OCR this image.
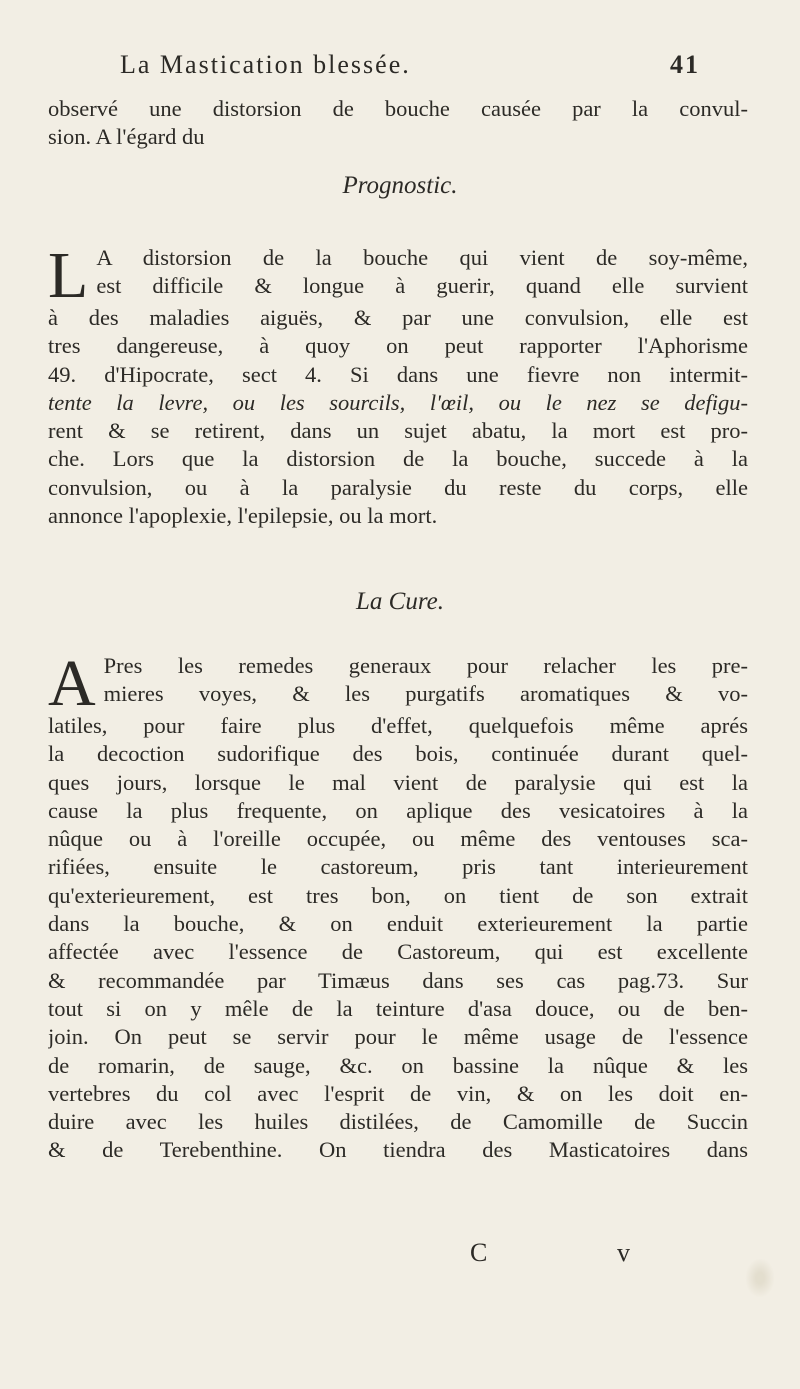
La Mastication blessée.	41
observé une distorsion de bouche causée par la convul-
sion. A l'égard du
Prognostic.
L A distorsion de la bouche qui vient de soy-même,
est difficile & longue à guerir, quand elle survient
à des maladies aiguës, & par une convulsion, elle est
tres dangereuse, à quoy on peut rapporter l'Aphorisme
49. d'Hipocrate, sect 4. Si dans une fievre non intermit-
tente la levre, ou les sourcils, l'œil, ou le nez se defigu-
rent & se retirent, dans un sujet abatu, la mort est pro-
che. Lors que la distorsion de la bouche, succede à la
convulsion, ou à la paralysie du reste du corps, elle
annonce l'apoplexie, l'epilepsie, ou la mort.
La Cure.
A Pres les remedes generaux pour relacher les pre-
mieres voyes, & les purgatifs aromatiques & vo-
latiles, pour faire plus d'effet, quelquefois même aprés
la decoction sudorifique des bois, continuée durant quel-
ques jours, lorsque le mal vient de paralysie qui est la
cause la plus frequente, on aplique des vesicatoires à la
nûque ou à l'oreille occupée, ou même des ventouses sca-
rifiées, ensuite le castoreum, pris tant interieurement
qu'exterieurement, est tres bon, on tient de son extrait
dans la bouche, & on enduit exterieurement la partie
affectée avec l'essence de Castoreum, qui est excellente
& recommandée par Timæus dans ses cas pag.73. Sur
tout si on y mêle de la teinture d'asa douce, ou de ben-
join. On peut se servir pour le même usage de l'essence
de romarin, de sauge, &c. on bassine la nûque & les
vertebres du col avec l'esprit de vin, & on les doit en-
duire avec les huiles distilées, de Camomille de Succin
& de Terebenthine. On tiendra des Masticatoires dans
C	v
